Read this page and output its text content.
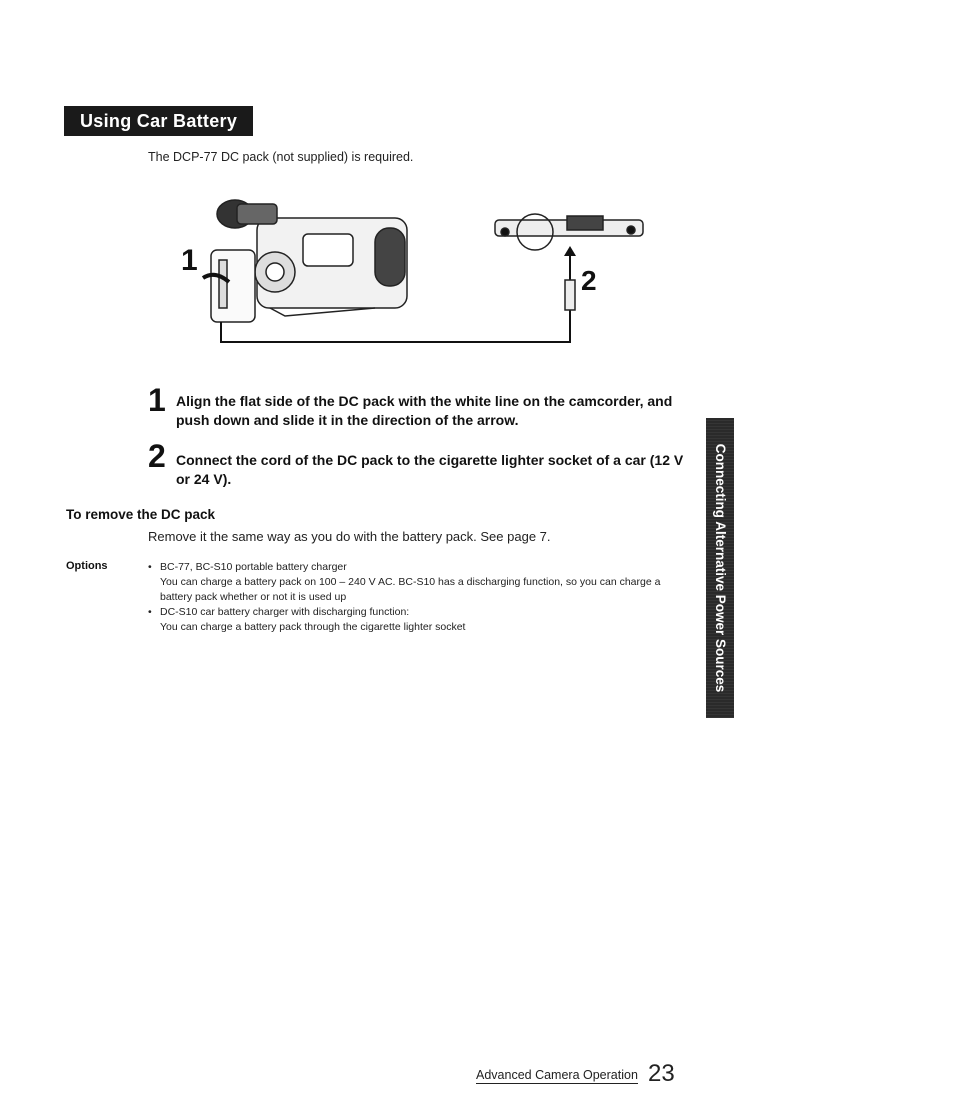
Using Car Battery
The DCP-77 DC pack (not supplied) is required.
1
2
1 Align the flat side of the DC pack with the white line on the camcorder, and push down and slide it in the direction of the arrow.
2 Connect the cord of the DC pack to the cigarette lighter socket of a car (12 V or 24 V).
To remove the DC pack
Remove it the same way as you do with the battery pack. See page 7.
Options	• BC-77, BC-S10 portable battery charger

You can charge a battery pack on 100 – 240 V AC. BC-S10 has a discharging function, so you can charge a battery pack whether or not it is used up

• DC-S10 car battery charger with discharging function:

You can charge a battery pack through the cigarette lighter socket	Connecting Alternative Power Sources
Advanced Camera Operation 23
